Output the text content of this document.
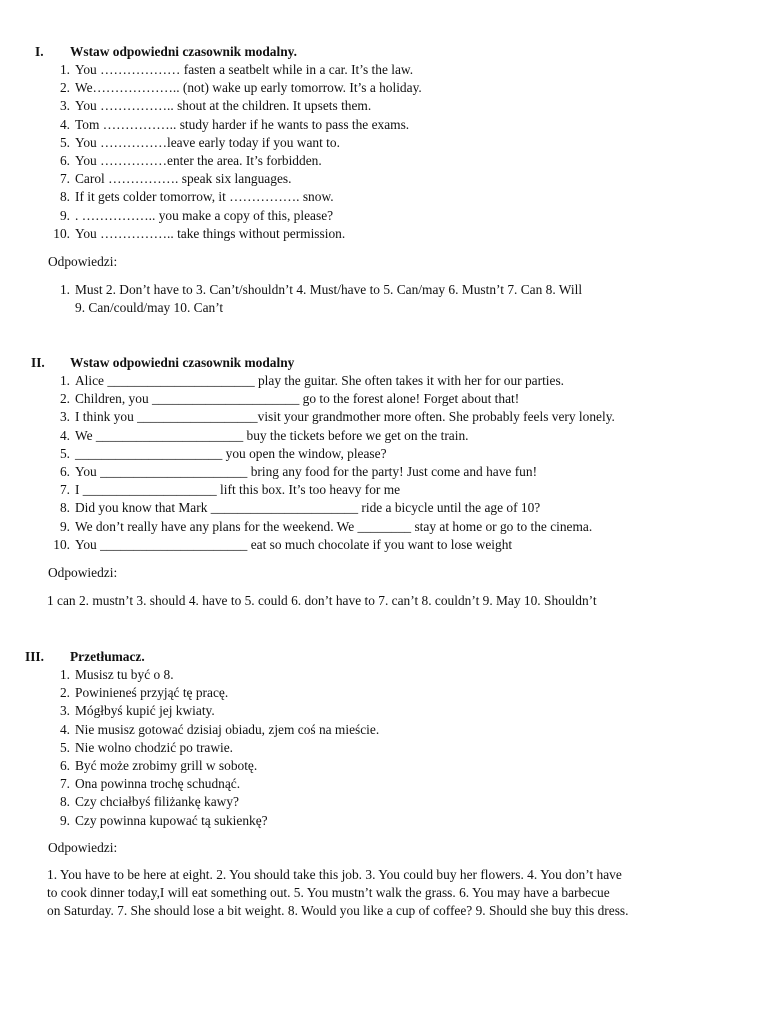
I. Wstaw odpowiedni czasownik modalny.
1. You ……………… fasten a seatbelt while in a car. It’s the law.
2. We……………….. (not) wake up early tomorrow. It’s a holiday.
3. You …………….. shout at the children. It upsets them.
4. Tom …………….. study harder if he wants to pass the exams.
5. You ……………leave early today if you want to.
6. You ……………enter the area. It’s forbidden.
7. Carol ……………. speak six languages.
8. If it gets colder tomorrow, it ……………. snow.
9. . …………….. you make a copy of this, please?
10. You …………….. take things without permission.
Odpowiedzi:
1. Must 2. Don’t have to 3. Can’t/shouldn’t 4. Must/have to 5. Can/may 6. Mustn’t 7. Can 8. Will
9. Can/could/may 10. Can’t
II. Wstaw odpowiedni czasownik modalny
1. Alice ______________________ play the guitar. She often takes it with her for our parties.
2. Children, you ______________________ go to the forest alone! Forget about that!
3. I think you __________________visit your grandmother more often. She probably feels very lonely.
4. We ______________________ buy the tickets before we get on the train.
5. ______________________ you open the window, please?
6. You ______________________ bring any food for the party! Just come and have fun!
7. I ____________________ lift this box. It’s too heavy for me
8. Did you know that Mark ______________________ ride a bicycle until the age of 10?
9. We don’t really have any plans for the weekend. We ________ stay at home or go to the cinema.
10. You ______________________ eat so much chocolate if you want to lose weight
Odpowiedzi:
1 can 2. mustn’t 3. should 4. have to 5. could 6. don’t have to 7. can’t 8. couldn’t 9. May 10. Shouldn’t
III. Przetłumacz.
1. Musisz tu być o 8.
2. Powinieneś przyjąć tę pracę.
3. Mógłbyś kupić jej kwiaty.
4. Nie musisz gotować dzisiaj obiadu, zjem coś na mieście.
5. Nie wolno chodzić po trawie.
6. Być może zrobimy grill w sobotę.
7. Ona powinna trochę schudnąć.
8. Czy chciałbyś filiżankę kawy?
9. Czy powinna kupować tą sukienkę?
Odpowiedzi:
1. You have to be here at eight. 2. You should take this job. 3. You could buy her flowers. 4. You don’t have
to cook dinner today,I will eat something out. 5. You mustn’t walk the grass. 6. You may have a barbecue
on Saturday. 7. She should lose a bit weight. 8. Would you like a cup of coffee? 9. Should she buy this dress.
